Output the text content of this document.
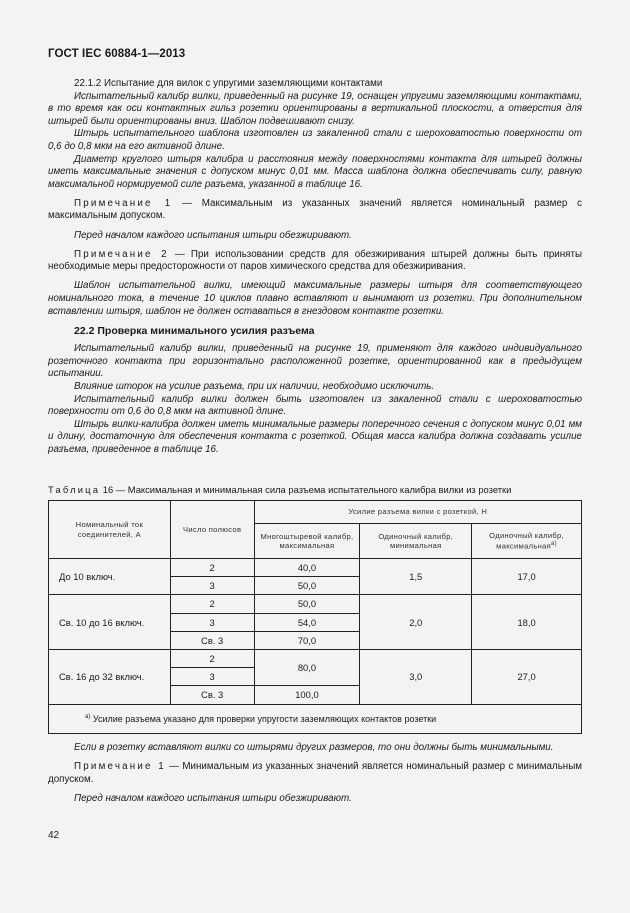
ГОСТ IEC 60884-1—2013

22.1.2 Испытание для вилок с упругими заземляющими контактами

Испытательный калибр вилки, приведенный на рисунке 19, оснащен упругими заземляющими контактами, в то время как оси контактных гильз розетки ориентированы в вертикальной плоскости, а отверстия для штырей были ориентированы вниз. Шаблон подвешивают снизу.

Штырь испытательного шаблона изготовлен из закаленной стали с шероховатостью поверхности от 0,6 до 0,8 мкм на его активной длине.

Диаметр круглого штыря калибра и расстояния между поверхностями контакта для штырей должны иметь максимальные значения с допуском минус 0,01 мм. Масса шаблона должна обеспечивать силу, равную максимальной нормируемой силе разъема, указанной в таблице 16.

Примечание 1 — Максимальным из указанных значений является номинальный размер с максимальным допуском.

Перед началом каждого испытания штыри обезжиривают.

Примечание 2 — При использовании средств для обезжиривания штырей должны быть приняты необходимые меры предосторожности от паров химического средства для обезжиривания.

Шаблон испытательной вилки, имеющий максимальные размеры штыря для соответствующего номинального тока, в течение 10 циклов плавно вставляют и вынимают из розетки. При дополнительном вставлении штыря, шаблон не должен оставаться в гнездовом контакте розетки.

22.2 Проверка минимального усилия разъема

Испытательный калибр вилки, приведенный на рисунке 19, применяют для каждого индивидуального розеточного контакта при горизонтально расположенной розетке, ориентированной как в предыдущем испытании.

Влияние шторок на усилие разъема, при их наличии, необходимо исключить.

Испытательный калибр вилки должен быть изготовлен из закаленной стали с шероховатостью поверхности от 0,6 до 0,8 мкм на активной длине.

Штырь вилки-калибра должен иметь минимальные размеры поперечного сечения с допуском минус 0,01 мм и длину, достаточную для обеспечения контакта с розеткой. Общая масса калибра должна создавать усилие разъема, приведенное в таблице 16.

Таблица 16 — Максимальная и минимальная сила разъема испытательного калибра вилки из розетки
Номинальный ток соединителей, А	Число полюсов	Усилие разъема вилки с розеткой, Н		
		Многоштыревой калибр, максимальная	Одиночный калибр, минимальная	Одиночный калибр, максимальная$^{а)}$
До 10 включ.	2	40,0	1,5	17,0
	3	50,0		
Св. 10 до 16 включ.	2	50,0	2,0	18,0
	3	54,0		
	Св. 3	70,0		
Св. 16 до 32 включ.	2	80,0	3,0	27,0
	3			
	Св. 3	100,0		
$^{а)}$ Усилие разъема указано для проверки упругости заземляющих контактов розетки				

Если в розетку вставляют вилки со штырями других размеров, то они должны быть минимальными.

Примечание 1 — Минимальным из указанных значений является номинальный размер с минимальным допуском.

Перед началом каждого испытания штыри обезжиривают.

42
